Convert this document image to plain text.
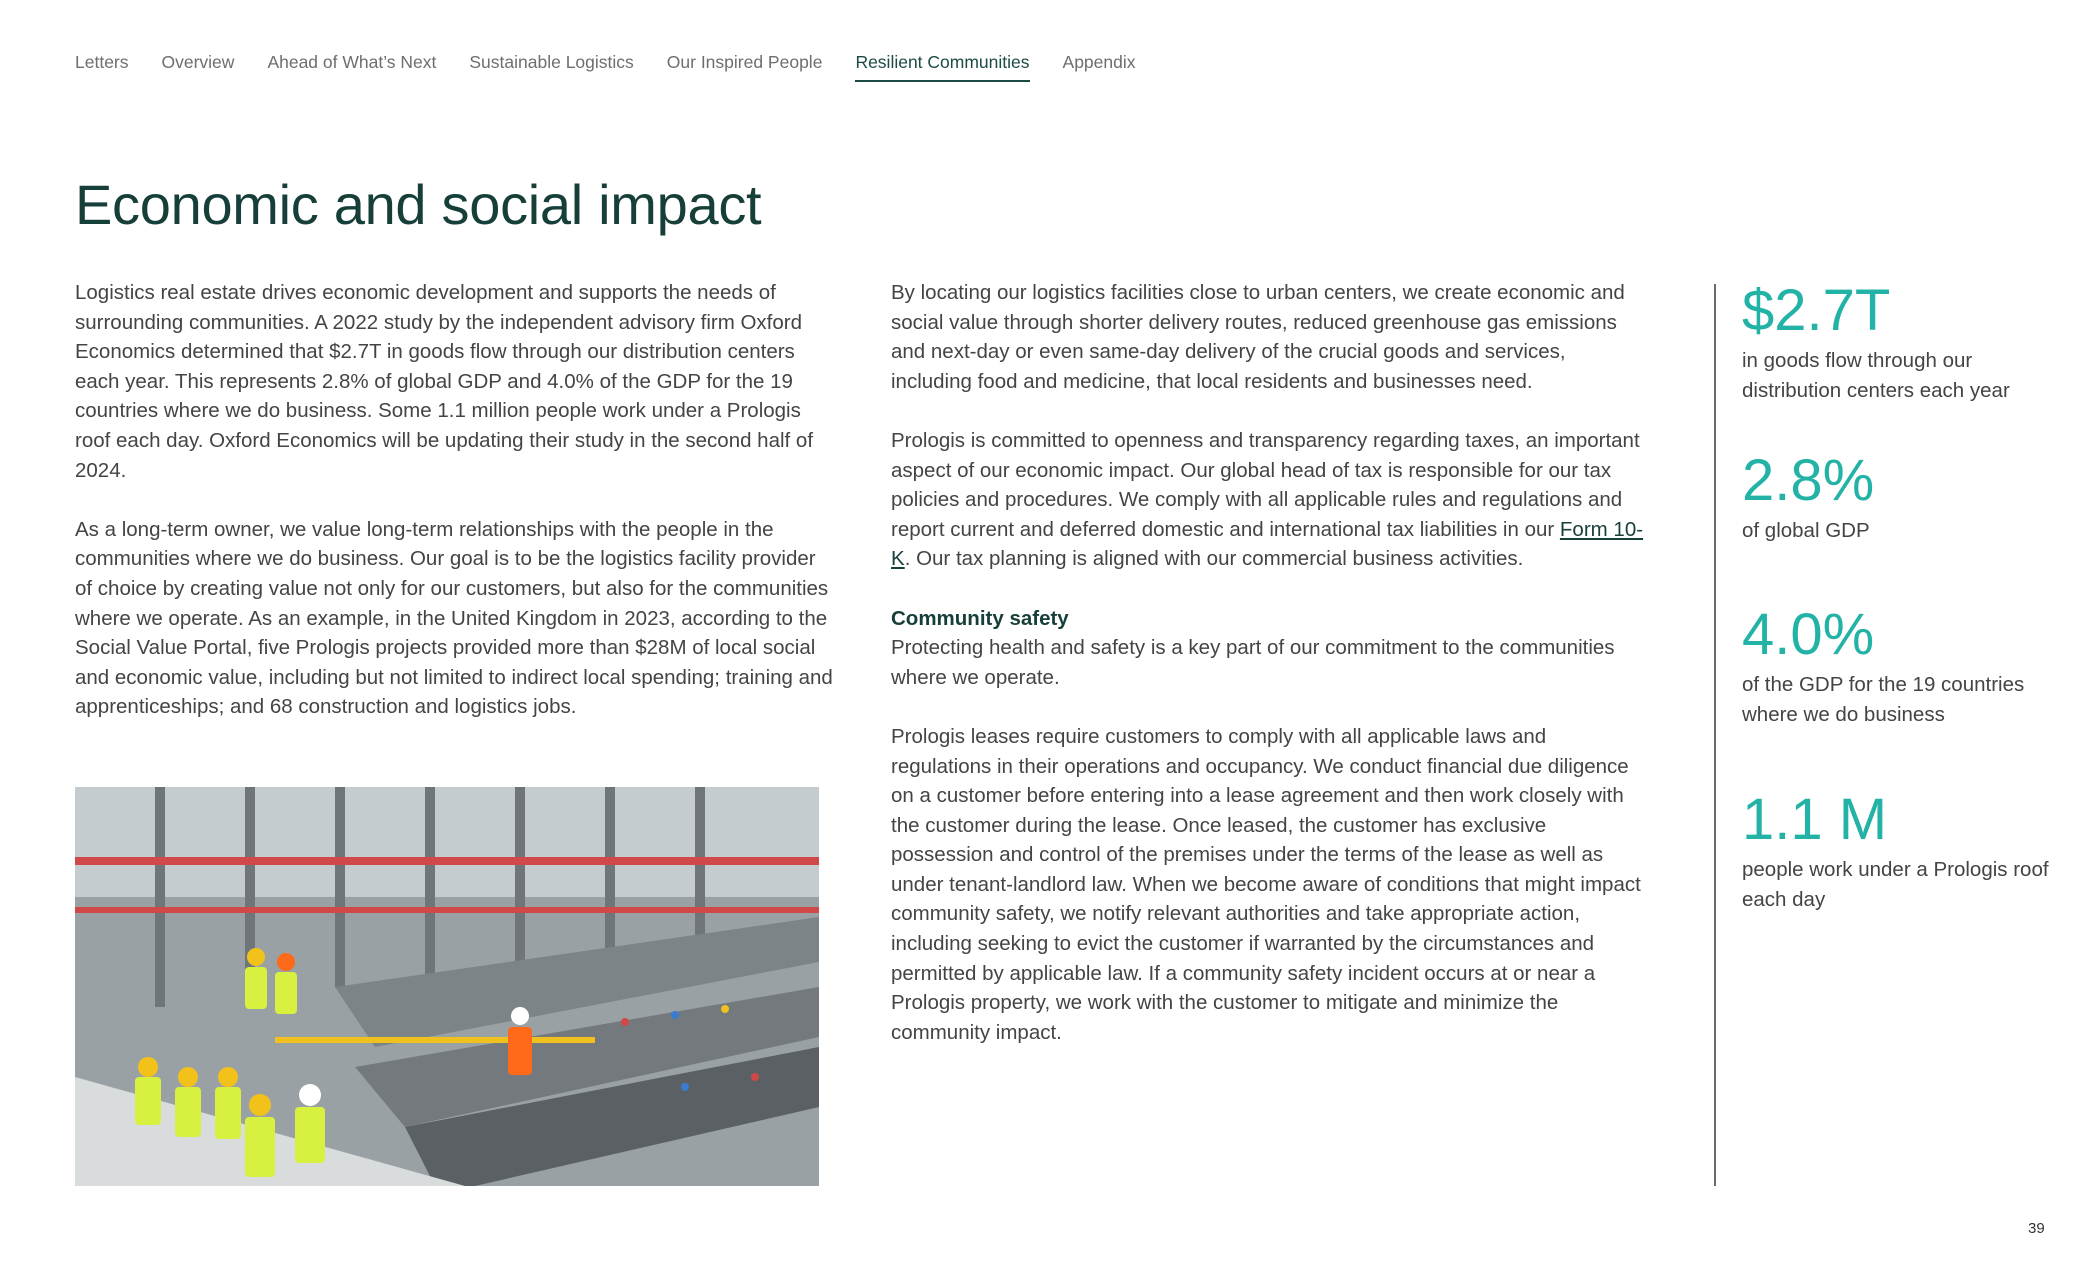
Letters Overview Ahead of What’s Next Sustainable Logistics Our Inspired People Resilient Communities Appendix
Economic and social impact

Logistics real estate drives economic development and supports the needs of surrounding communities. A 2022 study by the independent advisory firm Oxford Economics determined that $2.7T in goods flow through our distribution centers each year. This represents 2.8% of global GDP and 4.0% of the GDP for the 19 countries where we do business. Some 1.1 million people work under a Prologis roof each day. Oxford Economics will be updating their study in the second half of 2024.

As a long-term owner, we value long-term relationships with the people in the communities where we do business. Our goal is to be the logistics facility provider of choice by creating value not only for our customers, but also for the communities where we operate. As an example, in the United Kingdom in 2023, according to the Social Value Portal, five Prologis projects provided more than $28M of local social and economic value, including but not limited to indirect local spending; training and apprenticeships; and 68 construction and logistics jobs.

By locating our logistics facilities close to urban centers, we create economic and social value through shorter delivery routes, reduced greenhouse gas emissions and next-day or even same-day delivery of the crucial goods and services, including food and medicine, that local residents and businesses need.

Prologis is committed to openness and transparency regarding taxes, an important aspect of our economic impact. Our global head of tax is responsible for our tax policies and procedures. We comply with all applicable rules and regulations and report current and deferred domestic and international tax liabilities in our Form 10-K. Our tax planning is aligned with our commercial business activities.

Community safety
Protecting health and safety is a key part of our commitment to the communities where we operate.

Prologis leases require customers to comply with all applicable laws and regulations in their operations and occupancy. We conduct financial due diligence on a customer before entering into a lease agreement and then work closely with the customer during the lease. Once leased, the customer has exclusive possession and control of the premises under the terms of the lease as well as under tenant-landlord law. When we become aware of conditions that might impact community safety, we notify relevant authorities and take appropriate action, including seeking to evict the customer if warranted by the circumstances and permitted by applicable law. If a community safety incident occurs at or near a Prologis property, we work with the customer to mitigate and minimize the community impact.

$2.7T
in goods flow through our distribution centers each year
2.8%
of global GDP
4.0%
of the GDP for the 19 countries where we do business
1.1 M
people work under a Prologis roof each day
39
